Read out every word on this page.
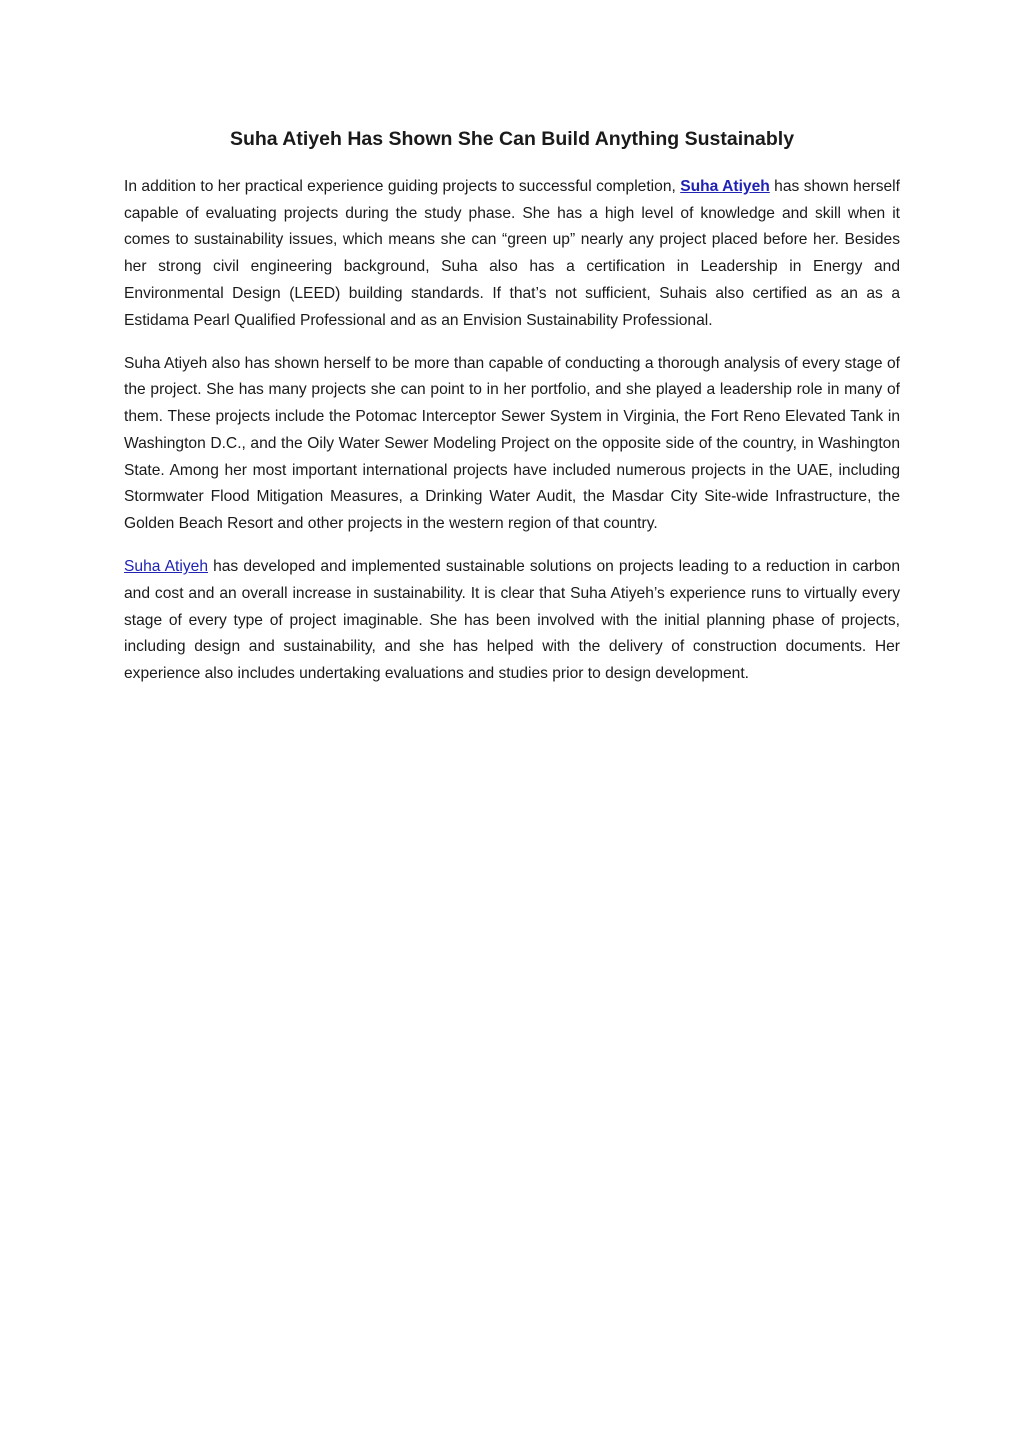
Suha Atiyeh Has Shown She Can Build Anything Sustainably

In addition to her practical experience guiding projects to successful completion, Suha Atiyeh has shown herself capable of evaluating projects during the study phase. She has a high level of knowledge and skill when it comes to sustainability issues, which means she can “green up” nearly any project placed before her. Besides her strong civil engineering background, Suha also has a certification in Leadership in Energy and Environmental Design (LEED) building standards. If that’s not sufficient, Suhais also certified as an as a Estidama Pearl Qualified Professional and as an Envision Sustainability Professional.

Suha Atiyeh also has shown herself to be more than capable of conducting a thorough analysis of every stage of the project. She has many projects she can point to in her portfolio, and she played a leadership role in many of them. These projects include the Potomac Interceptor Sewer System in Virginia, the Fort Reno Elevated Tank in Washington D.C., and the Oily Water Sewer Modeling Project on the opposite side of the country, in Washington State. Among her most important international projects have included numerous projects in the UAE, including Stormwater Flood Mitigation Measures, a Drinking Water Audit, the Masdar City Site-wide Infrastructure, the Golden Beach Resort and other projects in the western region of that country.

Suha Atiyeh has developed and implemented sustainable solutions on projects leading to a reduction in carbon and cost and an overall increase in sustainability. It is clear that Suha Atiyeh’s experience runs to virtually every stage of every type of project imaginable. She has been involved with the initial planning phase of projects, including design and sustainability, and she has helped with the delivery of construction documents. Her experience also includes undertaking evaluations and studies prior to design development.
